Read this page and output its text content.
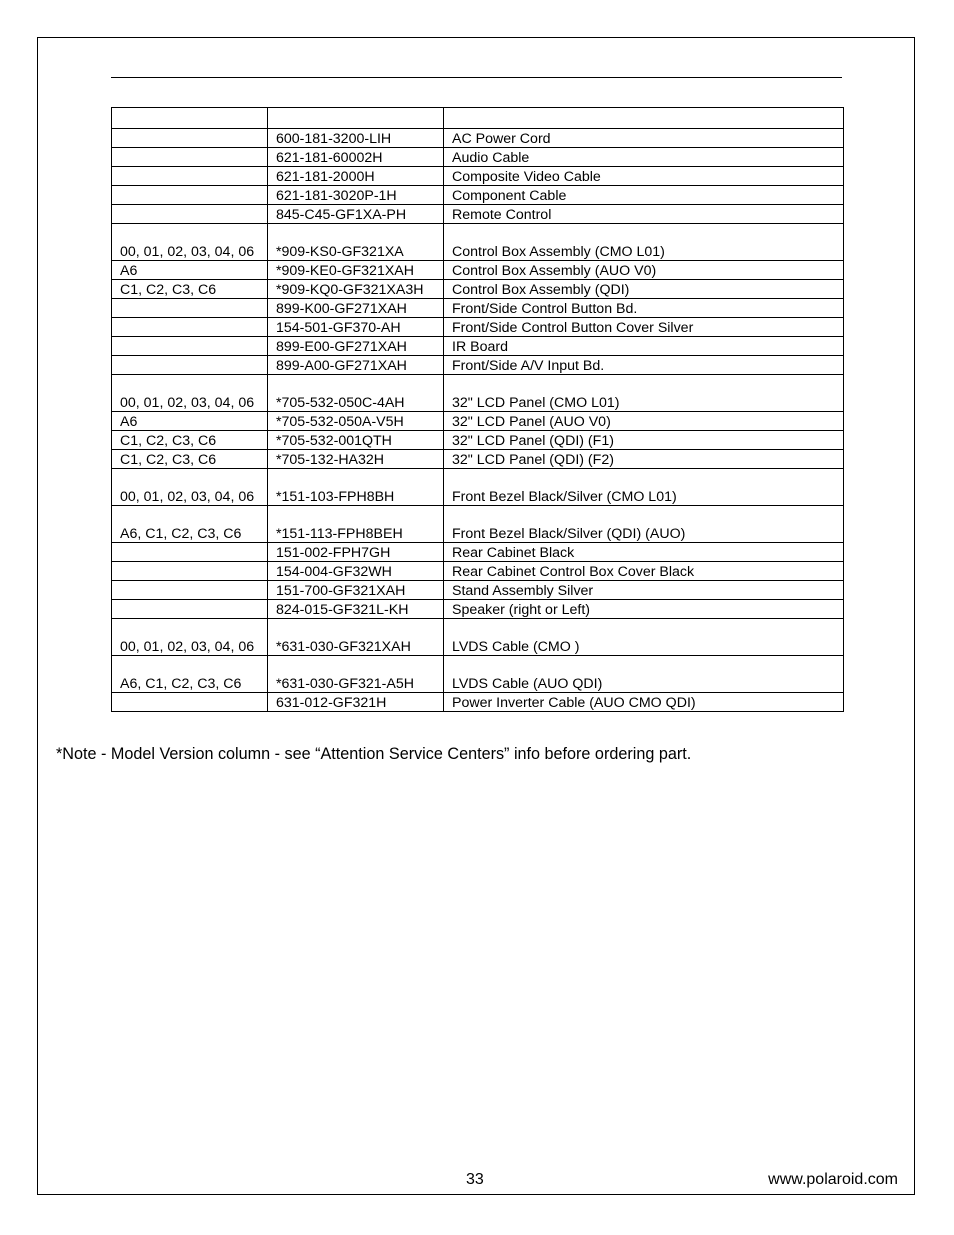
	600-181-3200-LIH	AC Power Cord
	621-181-60002H	Audio Cable
	621-181-2000H	Composite Video Cable
	621-181-3020P-1H	Component Cable
	845-C45-GF1XA-PH	Remote Control
00, 01, 02, 03, 04, 06	*909-KS0-GF321XA	Control Box Assembly (CMO L01)
A6	*909-KE0-GF321XAH	Control Box Assembly (AUO V0)
C1, C2, C3, C6	*909-KQ0-GF321XA3H	Control Box Assembly (QDI)
	899-K00-GF271XAH	Front/Side Control Button Bd.
	154-501-GF370-AH	Front/Side Control Button Cover Silver
	899-E00-GF271XAH	IR Board
	899-A00-GF271XAH	Front/Side A/V Input Bd.
00, 01, 02, 03, 04, 06	*705-532-050C-4AH	32" LCD Panel (CMO L01)
A6	*705-532-050A-V5H	32" LCD Panel (AUO V0)
C1, C2, C3, C6	*705-532-001QTH	32" LCD Panel (QDI) (F1)
C1, C2, C3, C6	*705-132-HA32H	32" LCD Panel (QDI) (F2)
00, 01, 02, 03, 04, 06	*151-103-FPH8BH	Front Bezel Black/Silver (CMO L01)
A6, C1, C2, C3, C6	*151-113-FPH8BEH	Front Bezel Black/Silver (QDI) (AUO)
	151-002-FPH7GH	Rear Cabinet Black
	154-004-GF32WH	Rear Cabinet Control Box Cover Black
	151-700-GF321XAH	Stand Assembly Silver
	824-015-GF321L-KH	Speaker (right or Left)
00, 01, 02, 03, 04, 06	*631-030-GF321XAH	LVDS Cable (CMO )
A6, C1, C2, C3, C6	*631-030-GF321-A5H	LVDS Cable (AUO QDI)
	631-012-GF321H	Power Inverter Cable (AUO CMO QDI)
*Note - Model Version column - see “Attention Service Centers” info before ordering part.
33	www.polaroid.com
